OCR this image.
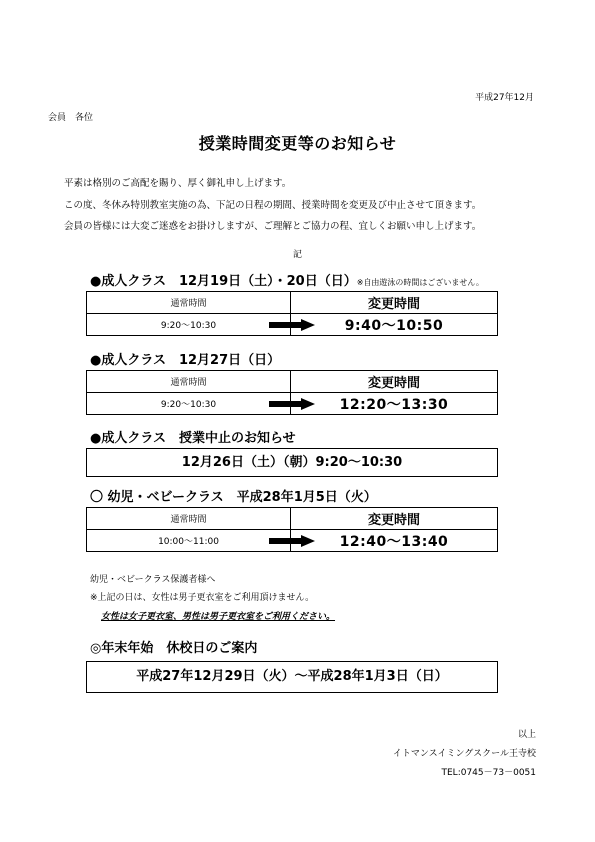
平成27年12月
会員　各位
授業時間変更等のお知らせ
平素は格別のご高配を賜り、厚く御礼申し上げます。
この度、冬休み特別教室実施の為、下記の日程の期間、授業時間を変更及び中止させて頂きます。
会員の皆様には大変ご迷惑をお掛けしますが、ご理解とご協力の程、宜しくお願い申し上げます。
記
●成人クラス　12月19日（土）・20日（日）※自由遊泳の時間はございません。
通常時間	変更時間
9:20～10:30	9:40～10:50
●成人クラス　12月27日（日）
通常時間	変更時間
9:20～10:30	12:20～13:30
●成人クラス　授業中止のお知らせ
12月26日（土）（朝）9:20～10:30
〇 幼児・ベビークラス　平成28年1月5日（火）
通常時間	変更時間
10:00～11:00	12:40～13:40
幼児・ベビークラス保護者様へ
※上記の日は、女性は男子更衣室をご利用頂けません。
女性は女子更衣室、男性は男子更衣室をご利用ください。
◎年末年始　休校日のご案内
平成27年12月29日（火）～平成28年1月3日（日）
以上
イトマンスイミングスクール王寺校
TEL:0745－73－0051
